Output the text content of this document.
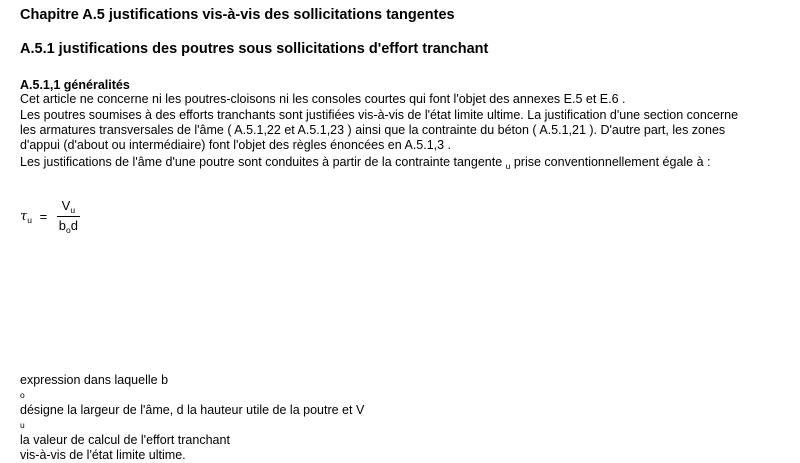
Chapitre A.5 justifications vis-à-vis des sollicitations tangentes
A.5.1 justifications des poutres sous sollicitations d'effort tranchant
A.5.1,1 généralités
Cet article ne concerne ni les poutres-cloisons ni les consoles courtes qui font l'objet des annexes E.5 et E.6 .
Les poutres soumises à des efforts tranchants sont justifiées vis-à-vis de l'état limite ultime. La justification d'une section concerne
les armatures transversales de l'âme ( A.5.1,22 et A.5.1,23 ) ainsi que la contrainte du béton ( A.5.1,21 ). D'autre part, les zones
d'appui (d'about ou intermédiaire) font l'objet des règles énoncées en A.5.1,3 .
Les justifications de l'âme d'une poutre sont conduites à partir de la contrainte tangente $_u$ prise conventionnellement égale à :
$\tau_u = \frac{V_u}{b_od}$
expression dans laquelle b
o
désigne la largeur de l'âme, d la hauteur utile de la poutre et V
u
la valeur de calcul de l'effort tranchant
vis-à-vis de l'état limite ultime.
